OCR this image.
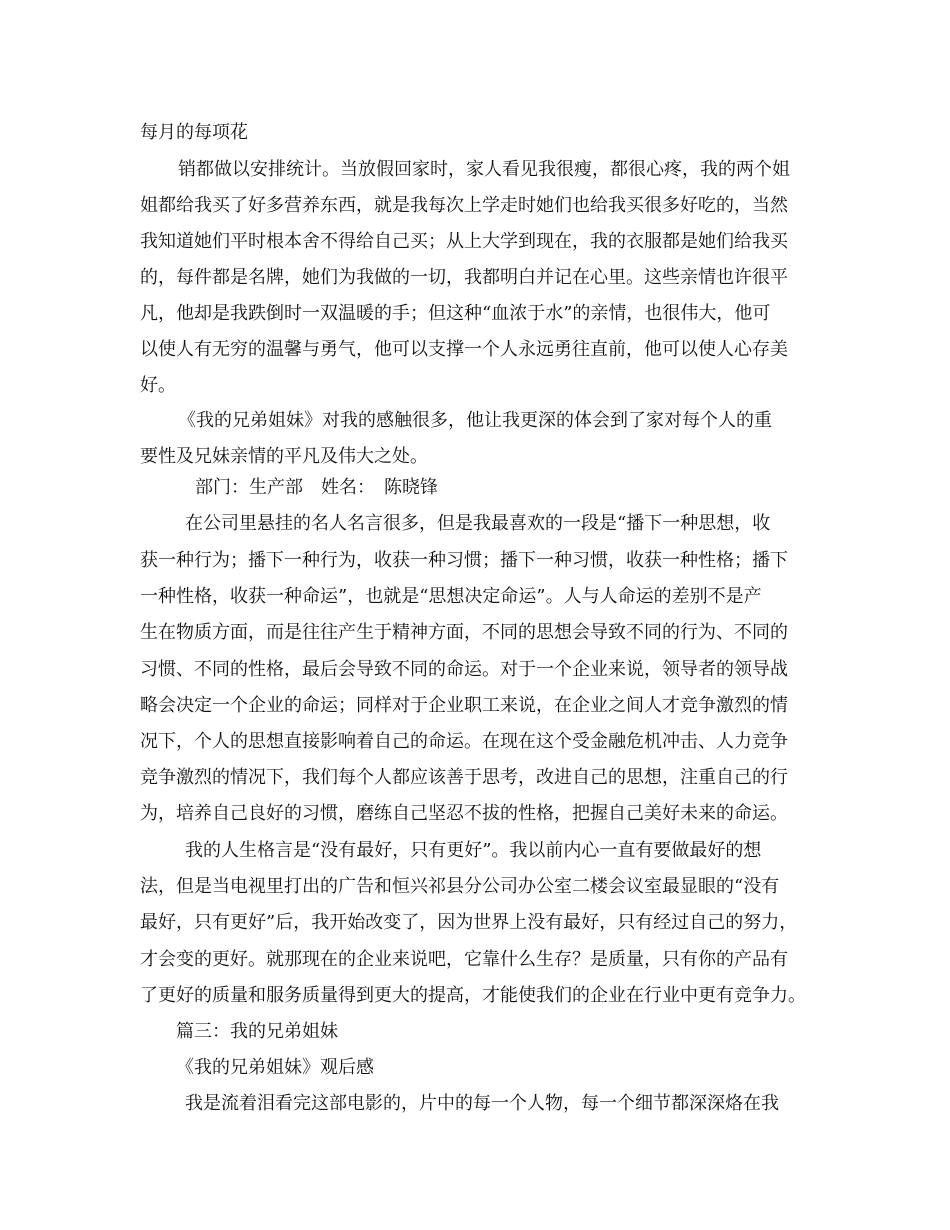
每月的每项花
销都做以安排统计。当放假回家时，家人看见我很瘦，都很心疼，我的两个姐
姐都给我买了好多营养东西，就是我每次上学走时她们也给我买很多好吃的，当然
我知道她们平时根本舍不得给自己买；从上大学到现在，我的衣服都是她们给我买
的，每件都是名牌，她们为我做的一切，我都明白并记在心里。这些亲情也许很平
凡，他却是我跌倒时一双温暖的手；但这种“血浓于水”的亲情，也很伟大，他可
以使人有无穷的温馨与勇气，他可以支撑一个人永远勇往直前，他可以使人心存美
好。
《我的兄弟姐妹》对我的感触很多，他让我更深的体会到了家对每个人的重
要性及兄妹亲情的平凡及伟大之处。
部门：生产部　姓名：　陈晓锋
在公司里悬挂的名人名言很多，但是我最喜欢的一段是“播下一种思想，收
获一种行为；播下一种行为，收获一种习惯；播下一种习惯，收获一种性格；播下
一种性格，收获一种命运”，也就是“思想决定命运”。人与人命运的差别不是产
生在物质方面，而是往往产生于精神方面，不同的思想会导致不同的行为、不同的
习惯、不同的性格，最后会导致不同的命运。对于一个企业来说，领导者的领导战
略会决定一个企业的命运；同样对于企业职工来说，在企业之间人才竞争激烈的情
况下，个人的思想直接影响着自己的命运。在现在这个受金融危机冲击、人力竞争
竞争激烈的情况下，我们每个人都应该善于思考，改进自己的思想，注重自己的行
为，培养自己良好的习惯，磨练自己坚忍不拔的性格，把握自己美好未来的命运。
我的人生格言是“没有最好，只有更好”。我以前内心一直有要做最好的想
法，但是当电视里打出的广告和恒兴祁县分公司办公室二楼会议室最显眼的“没有
最好，只有更好”后，我开始改变了，因为世界上没有最好，只有经过自己的努力，
才会变的更好。就那现在的企业来说吧，它靠什么生存？是质量，只有你的产品有
了更好的质量和服务质量得到更大的提高，才能使我们的企业在行业中更有竞争力。
篇三：我的兄弟姐妹
《我的兄弟姐妹》观后感
我是流着泪看完这部电影的，片中的每一个人物，每一个细节都深深烙在我
